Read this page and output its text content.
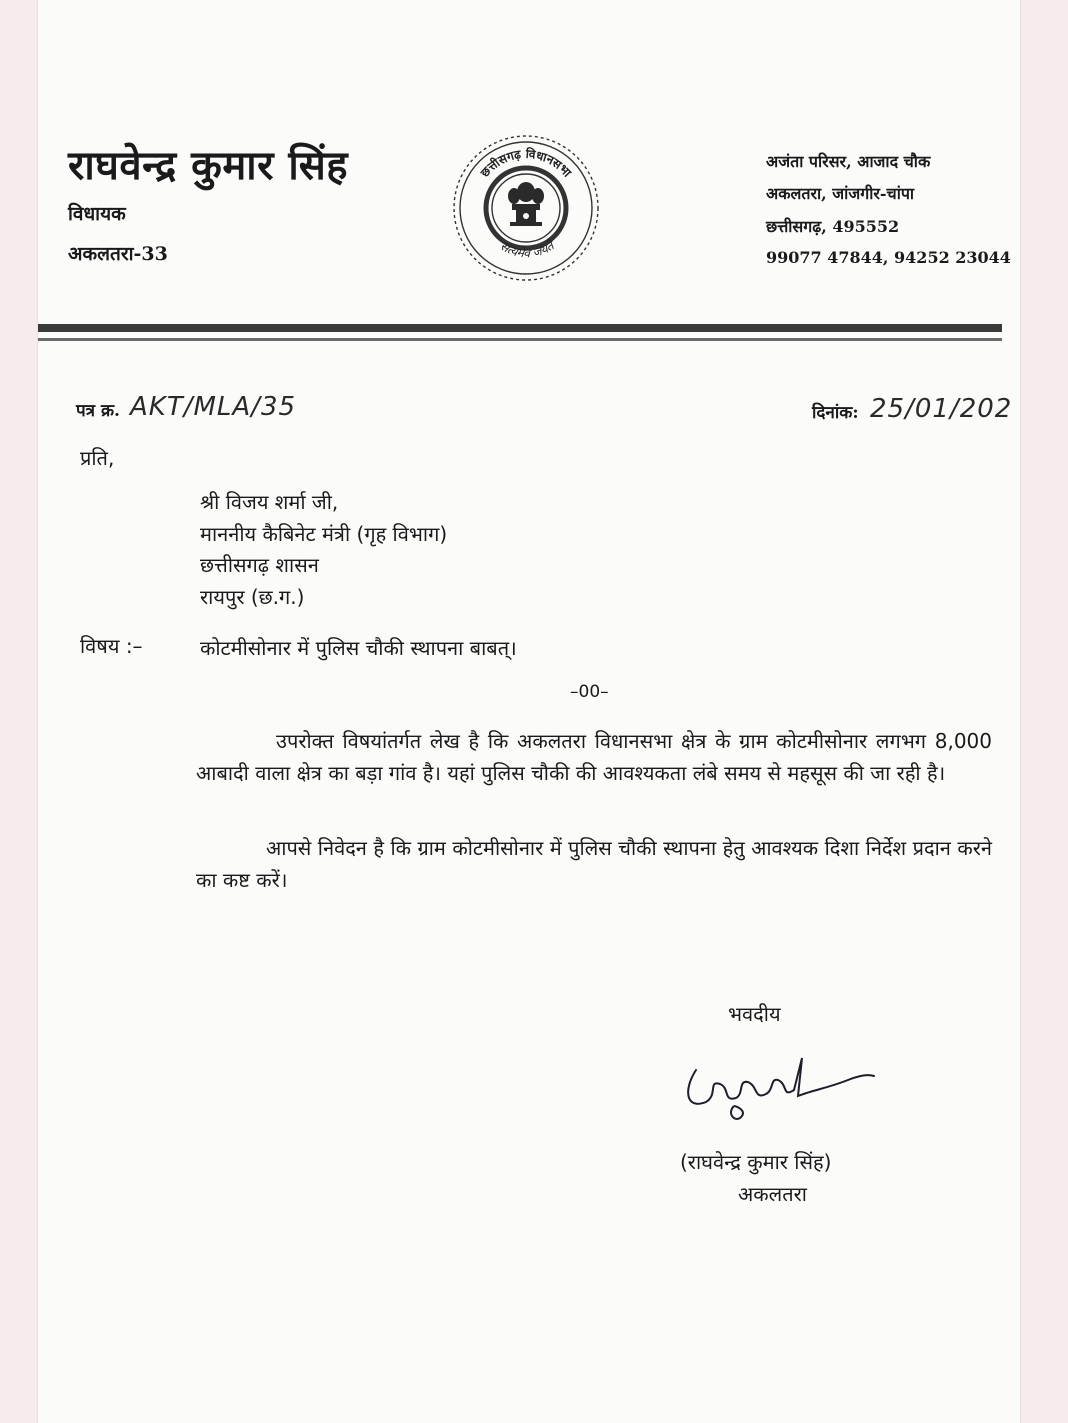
राघवेन्द्र कुमार सिंह
विधायक
अकलतरा-33
छत्तीसगढ़ विधानसभा
सत्यमेव जयते
अजंता परिसर, आजाद चौक
अकलतरा, जांजगीर-चांपा
छत्तीसगढ़, 495552
99077 47844, 94252 23044
पत्र क्र. AKT/MLA/35	दिनांक: 25/01/202
प्रति,
श्री विजय शर्मा जी,
माननीय कैबिनेट मंत्री (गृह विभाग)
छत्तीसगढ़ शासन
रायपुर (छ.ग.)
विषय :–	कोटमीसोनार में पुलिस चौकी स्थापना बाबत्।
–00–
उपरोक्त विषयांतर्गत लेख है कि अकलतरा विधानसभा क्षेत्र के ग्राम कोटमीसोनार लगभग 8,000 आबादी वाला क्षेत्र का बड़ा गांव है। यहां पुलिस चौकी की आवश्यकता लंबे समय से महसूस की जा रही है।
आपसे निवेदन है कि ग्राम कोटमीसोनार में पुलिस चौकी स्थापना हेतु आवश्यक दिशा निर्देश प्रदान करने का कष्ट करें।
भवदीय
(राघवेन्द्र कुमार सिंह)
अकलतरा
